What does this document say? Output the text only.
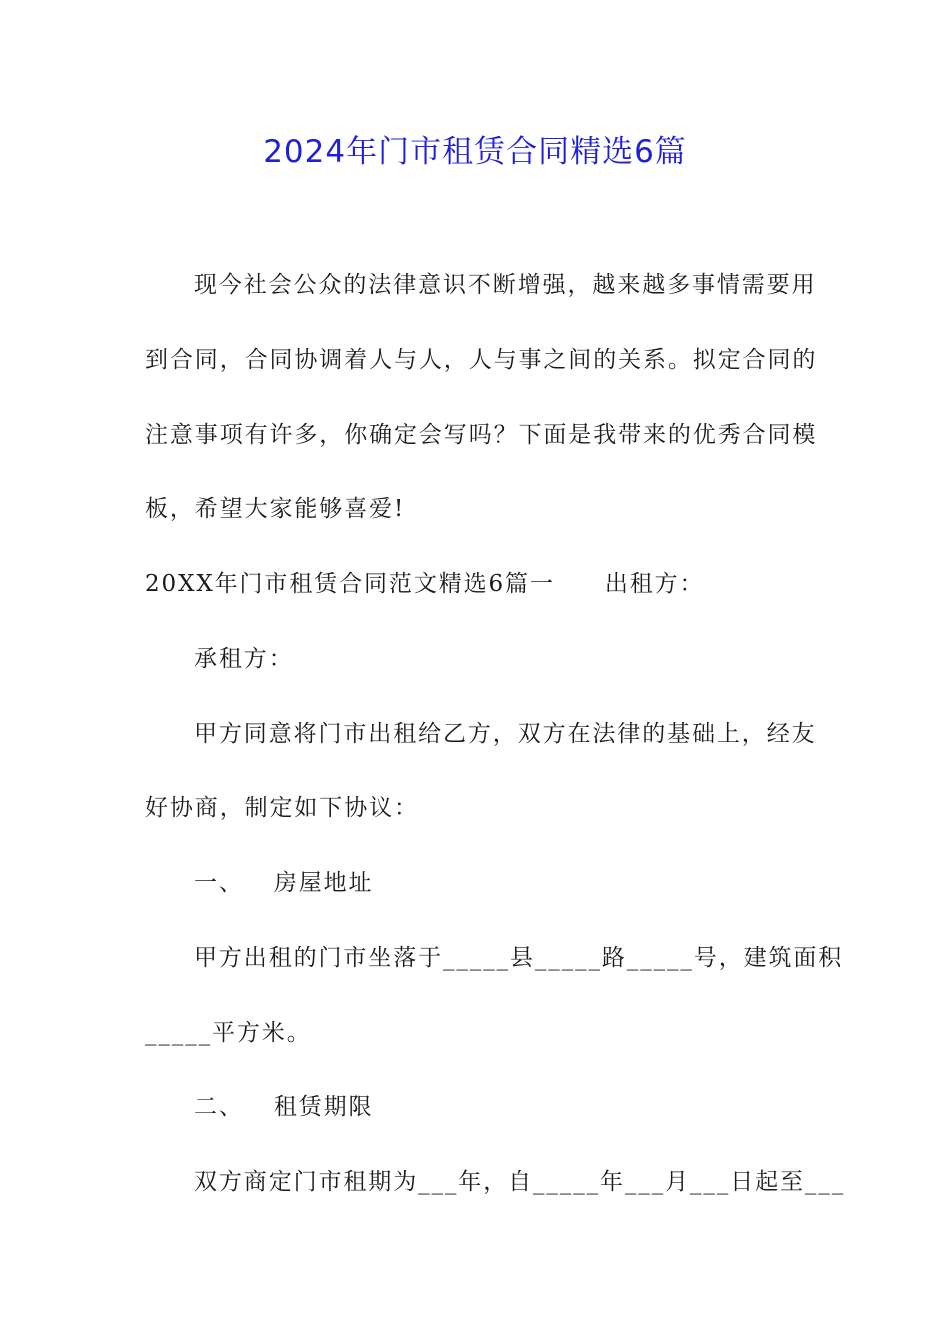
2024年门市租赁合同精选6篇
现今社会公众的法律意识不断增强，越来越多事情需要用
到合同，合同协调着人与人，人与事之间的关系。拟定合同的
注意事项有许多，你确定会写吗？下面是我带来的优秀合同模
板，希望大家能够喜爱!
20XX年门市租赁合同范文精选6篇一 出租方：
承租方：
甲方同意将门市出租给乙方，双方在法律的基础上，经友
好协商，制定如下协议：
一、 房屋地址
甲方出租的门市坐落于_____县_____路_____号，建筑面积
_____平方米。
二、 租赁期限
双方商定门市租期为___年，自_____年___月___日起至___
